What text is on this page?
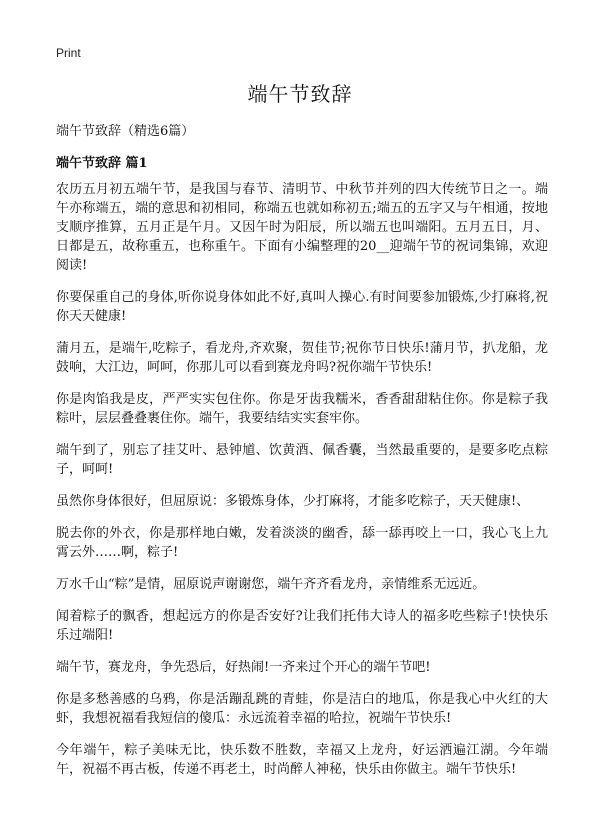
Print
端午节致辞
端午节致辞（精选6篇）
端午节致辞 篇1

农历五月初五端午节，是我国与春节、清明节、中秋节并列的四大传统节日之一。端午亦称端五，端的意思和初相同，称端五也就如称初五;端五的五字又与午相通，按地支顺序推算，五月正是午月。又因午时为阳辰，所以端五也叫端阳。五月五日，月、日都是五，故称重五，也称重午。下面有小编整理的20__迎端午节的祝词集锦，欢迎阅读!

你要保重自己的身体,听你说身体如此不好,真叫人操心.有时间要参加锻炼,少打麻将,祝你天天健康!

蒲月五，是端午,吃粽子，看龙舟,齐欢聚，贺佳节;祝你节日快乐!蒲月节，扒龙船，龙鼓响，大江边，呵呵，你那儿可以看到赛龙舟吗?祝你端午节快乐!

你是肉馅我是皮，严严实实包住你。你是牙齿我糯米，香香甜甜粘住你。你是粽子我粽叶，层层叠叠裹住你。端午，我要结结实实套牢你。

端午到了，别忘了挂艾叶、悬钟馗、饮黄酒、佩香囊，当然最重要的，是要多吃点粽子，呵呵!

虽然你身体很好，但屈原说：多锻炼身体，少打麻将，才能多吃粽子，天天健康!、

脱去你的外衣，你是那样地白嫩，发着淡淡的幽香，舔一舔再咬上一口，我心飞上九霄云外……啊，粽子!

万水千山“粽”是情，屈原说声谢谢您，端午齐齐看龙舟，亲情维系无远近。

闻着粽子的飘香，想起远方的你是否安好?让我们托伟大诗人的福多吃些粽子!快快乐乐过端阳!

端午节，赛龙舟，争先恐后，好热闹!一齐来过个开心的端午节吧!

你是多愁善感的乌鸦，你是活蹦乱跳的青蛙，你是洁白的地瓜，你是我心中火红的大虾，我想祝福看我短信的傻瓜：永远流着幸福的哈拉，祝端午节快乐!

今年端午，粽子美味无比，快乐数不胜数，幸福又上龙舟，好运洒遍江湖。今年端午，祝福不再古板，传递不再老土，时尚醉人神秘，快乐由你做主。端午节快乐!
